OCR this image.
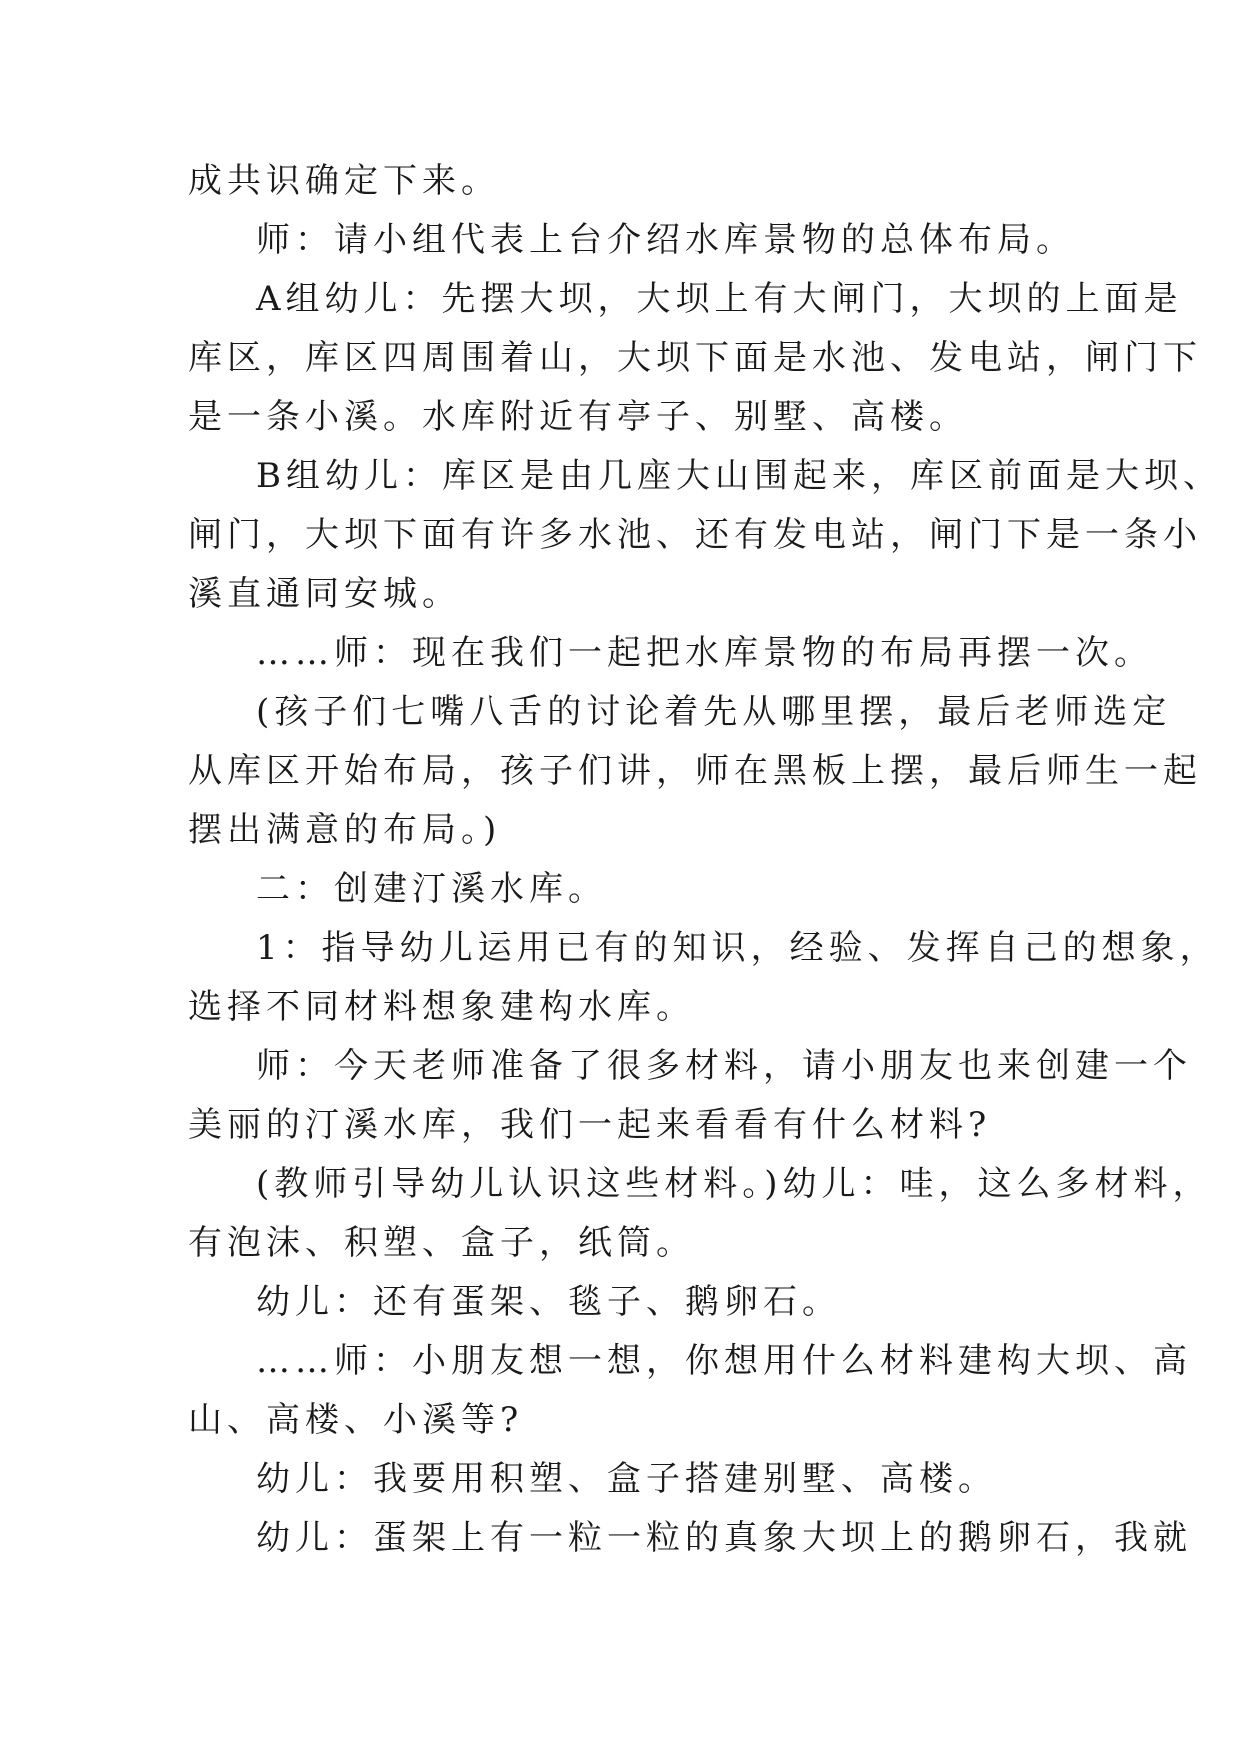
成共识确定下来。
师：请小组代表上台介绍水库景物的总体布局。
A组幼儿：先摆大坝，大坝上有大闸门，大坝的上面是
库区，库区四周围着山，大坝下面是水池、发电站，闸门下
是一条小溪。水库附近有亭子、别墅、高楼。
B组幼儿：库区是由几座大山围起来，库区前面是大坝、
闸门，大坝下面有许多水池、还有发电站，闸门下是一条小
溪直通同安城。
……师：现在我们一起把水库景物的布局再摆一次。
(孩子们七嘴八舌的讨论着先从哪里摆，最后老师选定
从库区开始布局，孩子们讲，师在黑板上摆，最后师生一起
摆出满意的布局。)
二：创建汀溪水库。
1：指导幼儿运用已有的知识，经验、发挥自己的想象，
选择不同材料想象建构水库。
师：今天老师准备了很多材料，请小朋友也来创建一个
美丽的汀溪水库，我们一起来看看有什么材料?
(教师引导幼儿认识这些材料。)幼儿：哇，这么多材料，
有泡沫、积塑、盒子，纸筒。
幼儿：还有蛋架、毯子、鹅卵石。
……师：小朋友想一想，你想用什么材料建构大坝、高
山、高楼、小溪等?
幼儿：我要用积塑、盒子搭建别墅、高楼。
幼儿：蛋架上有一粒一粒的真象大坝上的鹅卵石，我就
